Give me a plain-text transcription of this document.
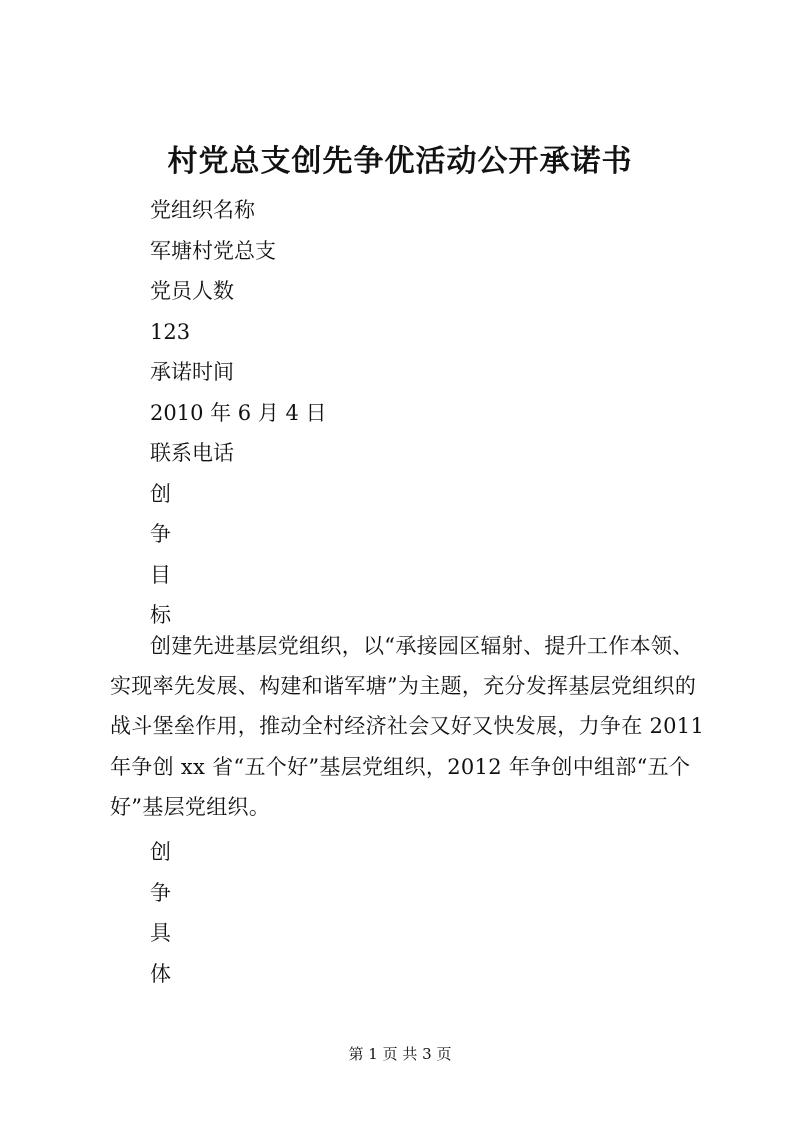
村党总支创先争优活动公开承诺书
党组织名称
军塘村党总支
党员人数
123
承诺时间
2010 年 6 月 4 日
联系电话
创
争
目
标

创建先进基层党组织，以“承接园区辐射、提升工作本领、
实现率先发展、构建和谐军塘”为主题，充分发挥基层党组织的
战斗堡垒作用，推动全村经济社会又好又快发展，力争在 2011
年争创 xx 省“五个好”基层党组织，2012 年争创中组部“五个
好”基层党组织。

创
争
具
体
第 1 页 共 3 页
